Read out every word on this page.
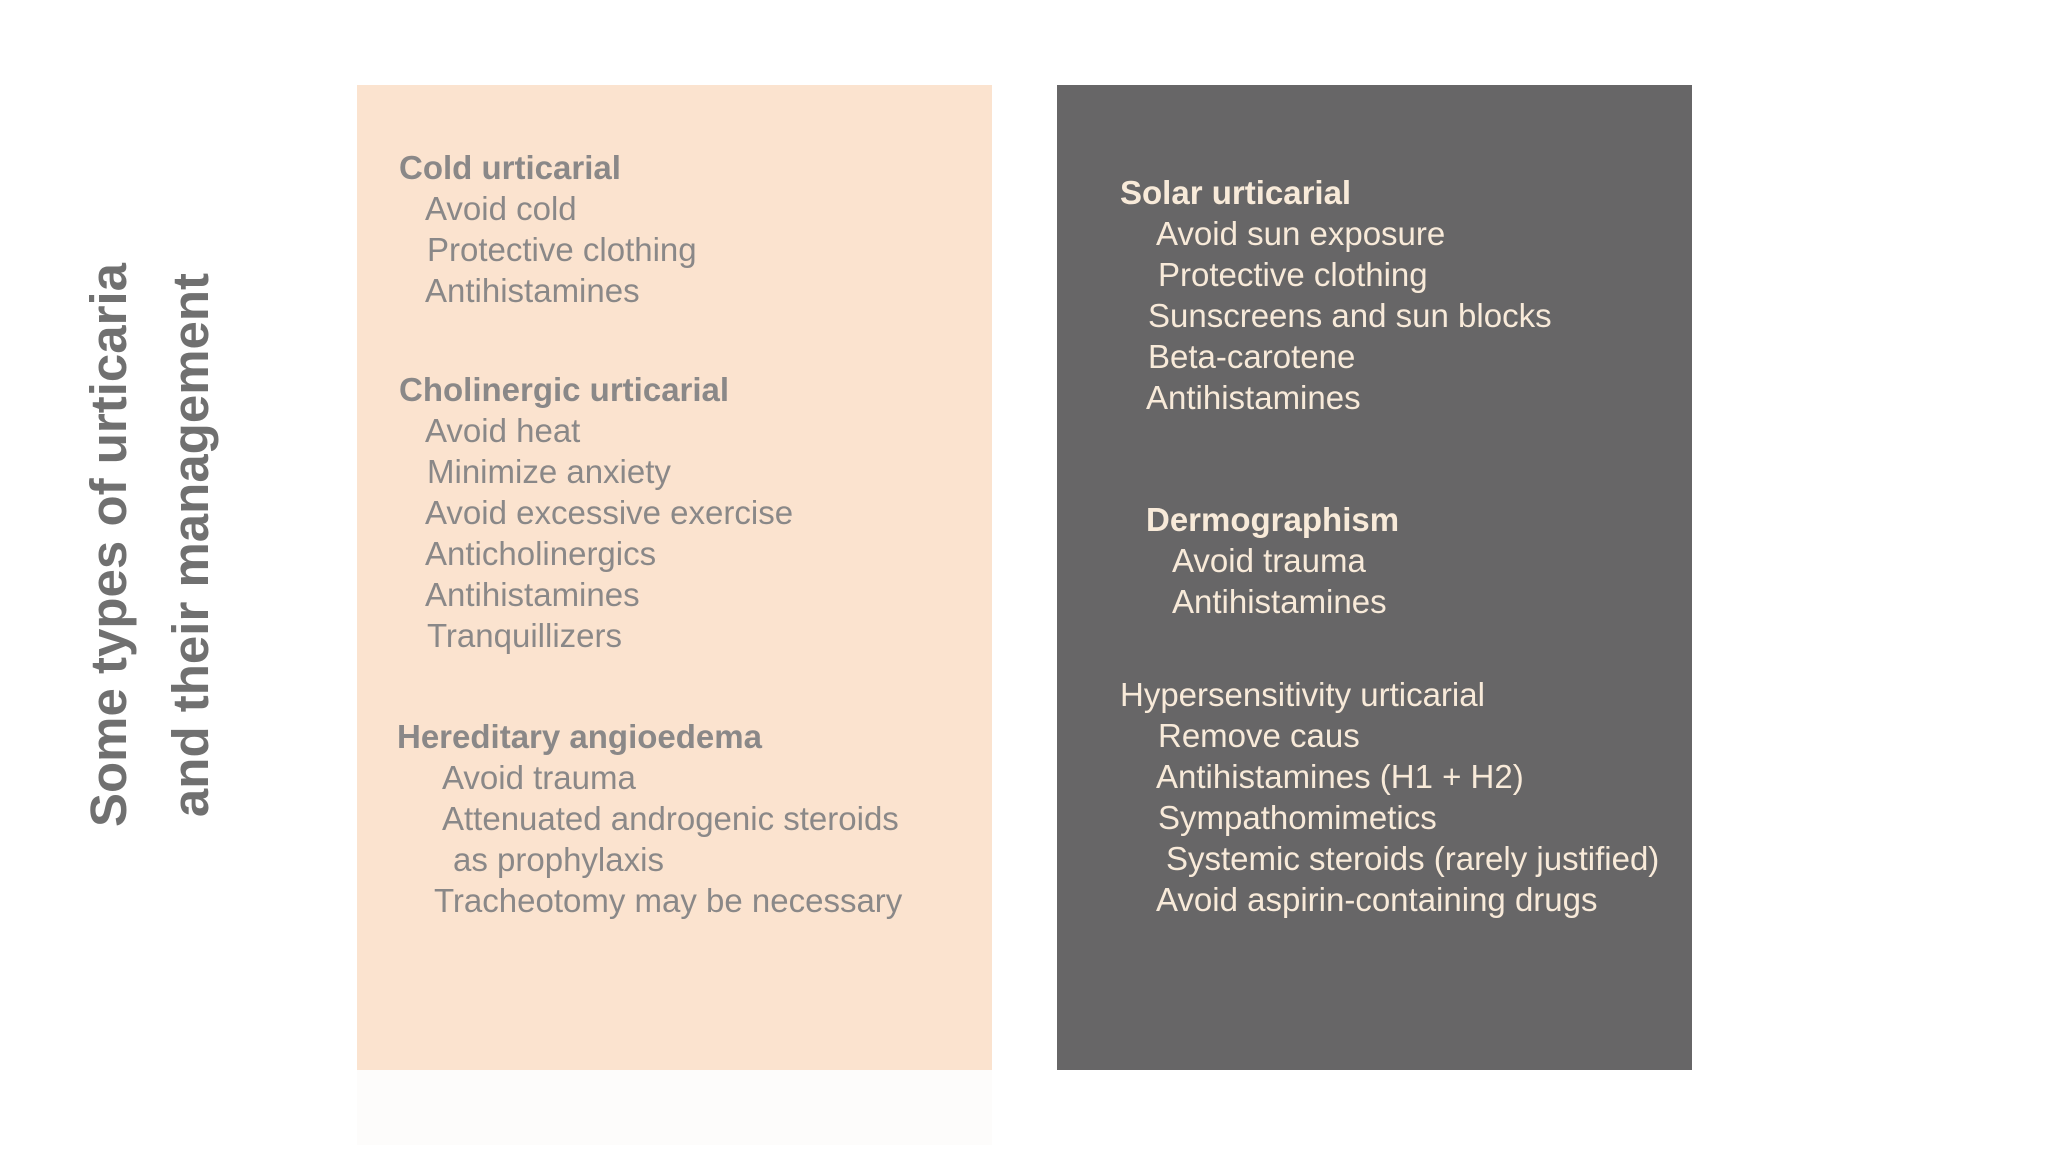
Some types of urticaria and their management
Cold urticarial
Avoid cold
Protective clothing
Antihistamines
Cholinergic urticarial
Avoid heat
Minimize anxiety
Avoid excessive exercise
Anticholinergics
Antihistamines
Tranquillizers
Hereditary angioedema
Avoid trauma
Attenuated androgenic steroids
as prophylaxis
Tracheotomy may be necessary
Solar urticarial
Avoid sun exposure
Protective clothing
Sunscreens and sun blocks
Beta-carotene
Antihistamines
Dermographism
Avoid trauma
Antihistamines
Hypersensitivity urticarial
Remove caus
Antihistamines (H1 + H2)
Sympathomimetics
Systemic steroids (rarely justified)
Avoid aspirin-containing drugs
